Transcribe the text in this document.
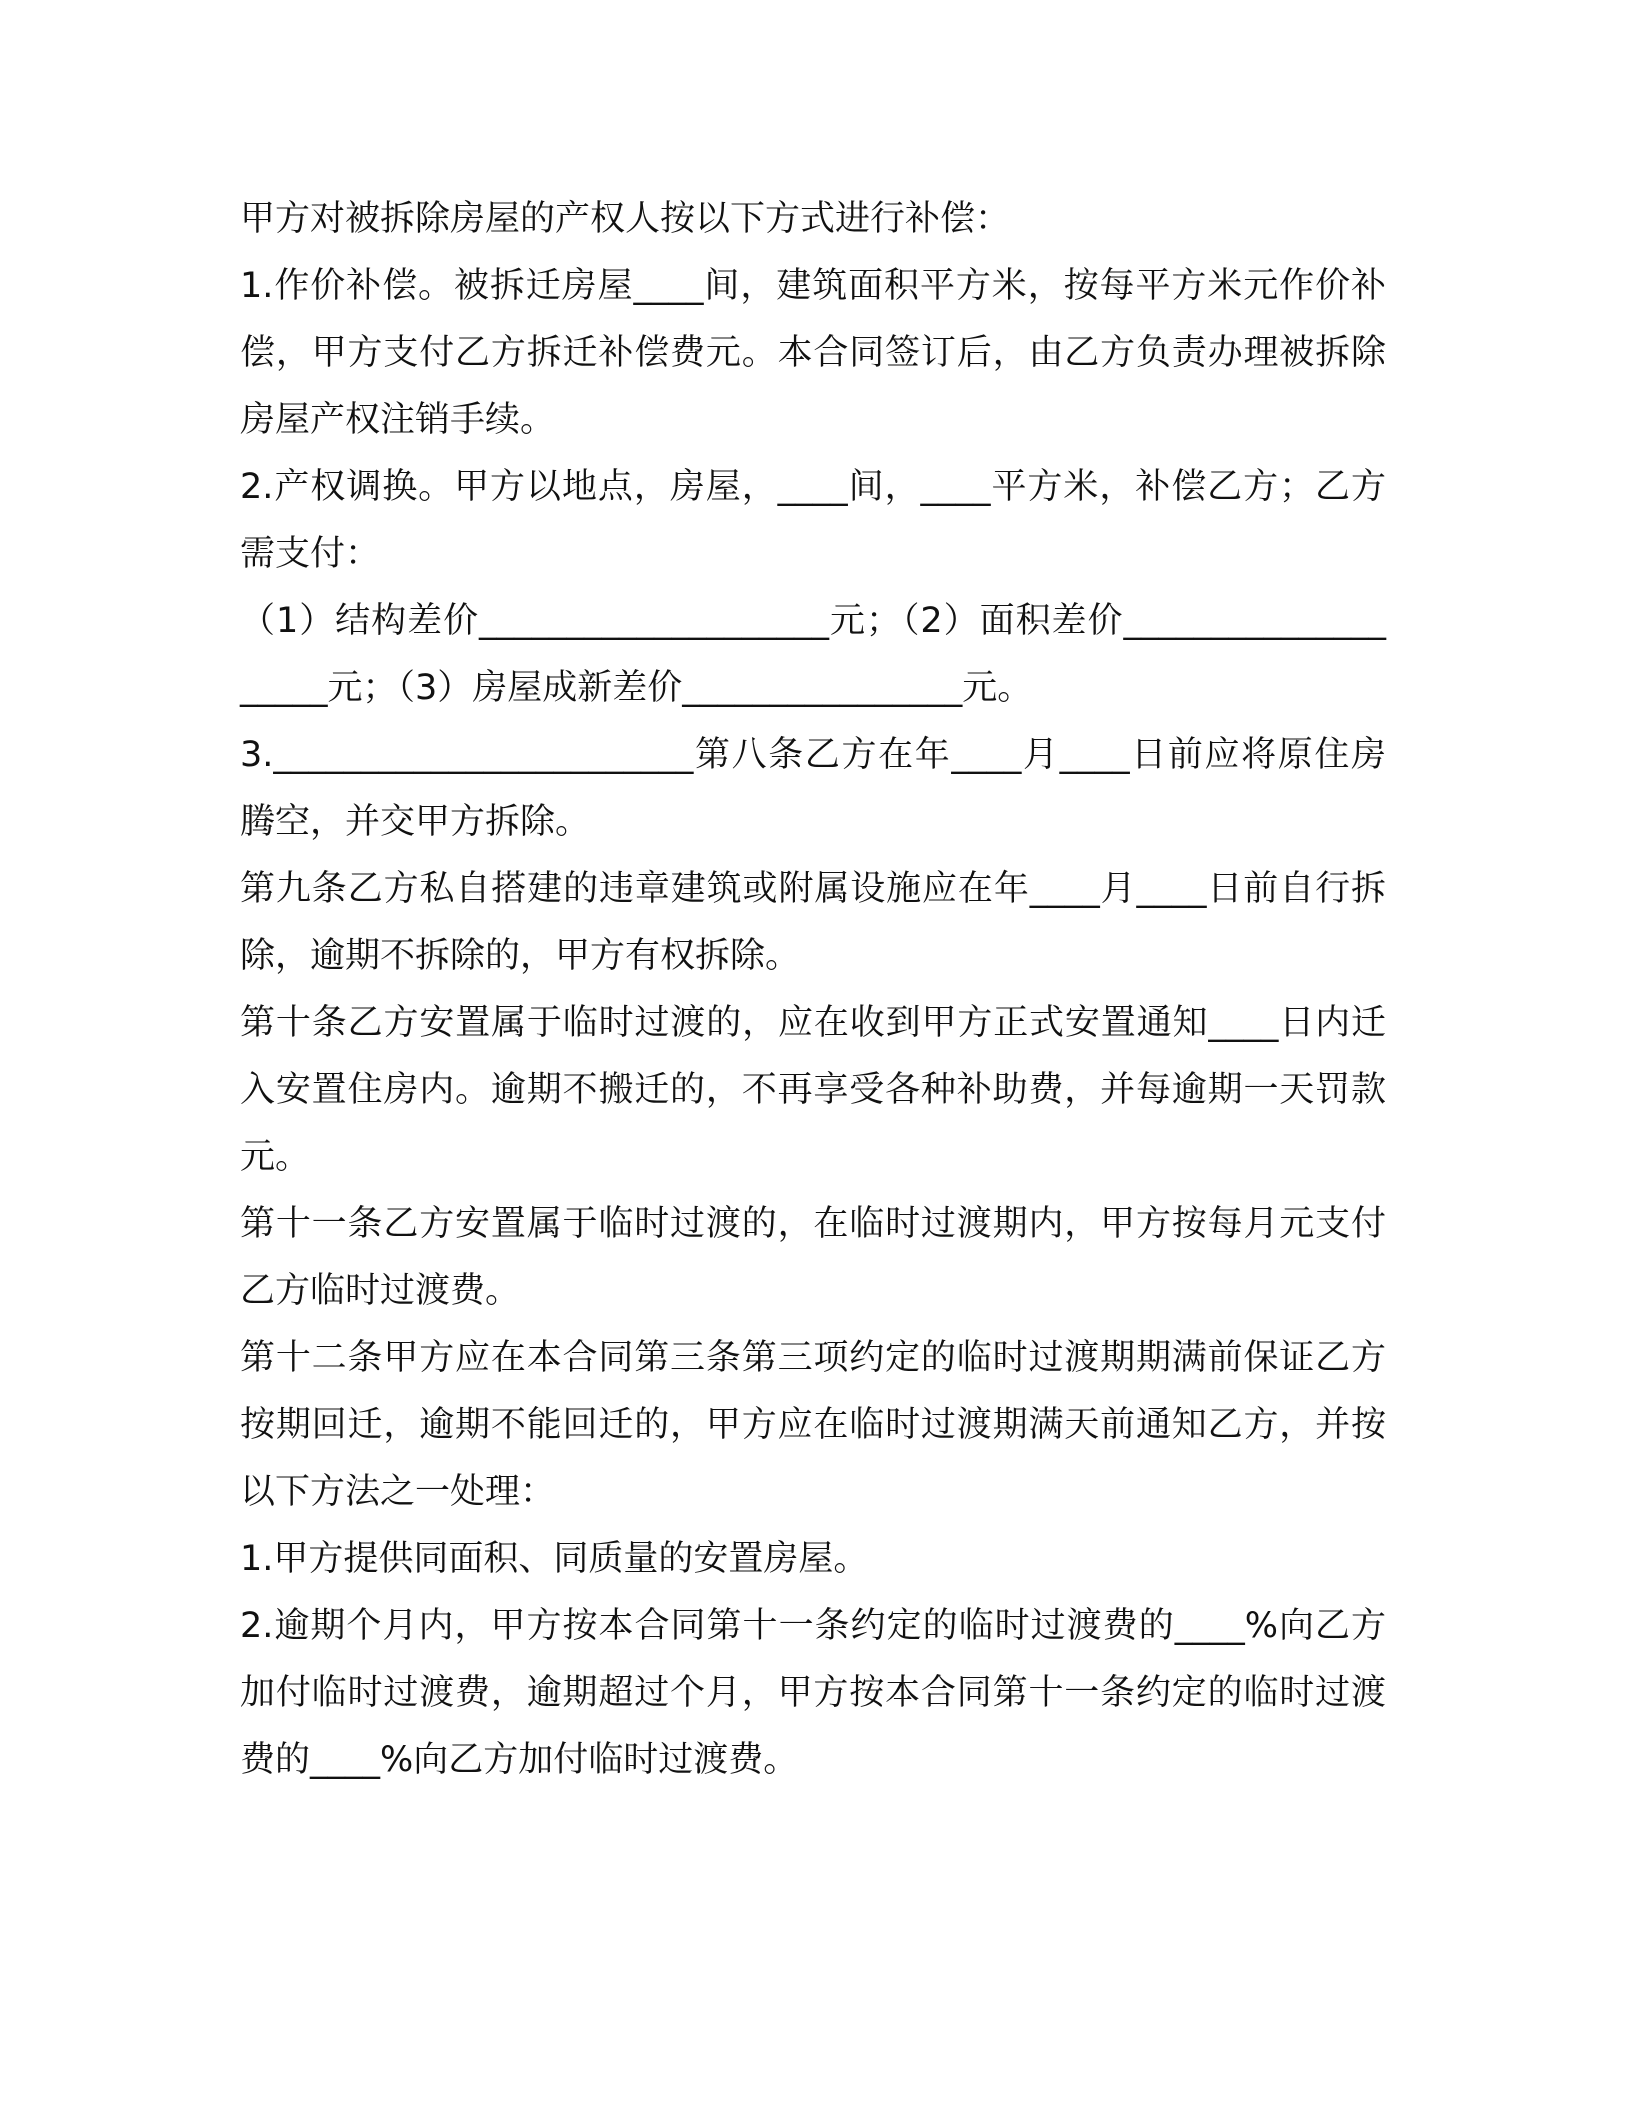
甲方对被拆除房屋的产权人按以下方式进行补偿：

1.作价补偿。被拆迁房屋____间，建筑面积平方米，按每平方米元作价补偿，甲方支付乙方拆迁补偿费元。本合同签订后，由乙方负责办理被拆除房屋产权注销手续。

2.产权调换。甲方以地点，房屋，____间，____平方米，补偿乙方；乙方需支付：

（1）结构差价____________________元；（2）面积差价____________________元；（3）房屋成新差价________________元。

3.________________________第八条乙方在年____月____日前应将原住房腾空，并交甲方拆除。

第九条乙方私自搭建的违章建筑或附属设施应在年____月____日前自行拆除，逾期不拆除的，甲方有权拆除。

第十条乙方安置属于临时过渡的，应在收到甲方正式安置通知____日内迁入安置住房内。逾期不搬迁的，不再享受各种补助费，并每逾期一天罚款元。

第十一条乙方安置属于临时过渡的，在临时过渡期内，甲方按每月元支付乙方临时过渡费。

第十二条甲方应在本合同第三条第三项约定的临时过渡期期满前保证乙方按期回迁，逾期不能回迁的，甲方应在临时过渡期满天前通知乙方，并按以下方法之一处理：

1.甲方提供同面积、同质量的安置房屋。

2.逾期个月内，甲方按本合同第十一条约定的临时过渡费的____%向乙方加付临时过渡费，逾期超过个月，甲方按本合同第十一条约定的临时过渡费的____%向乙方加付临时过渡费。
